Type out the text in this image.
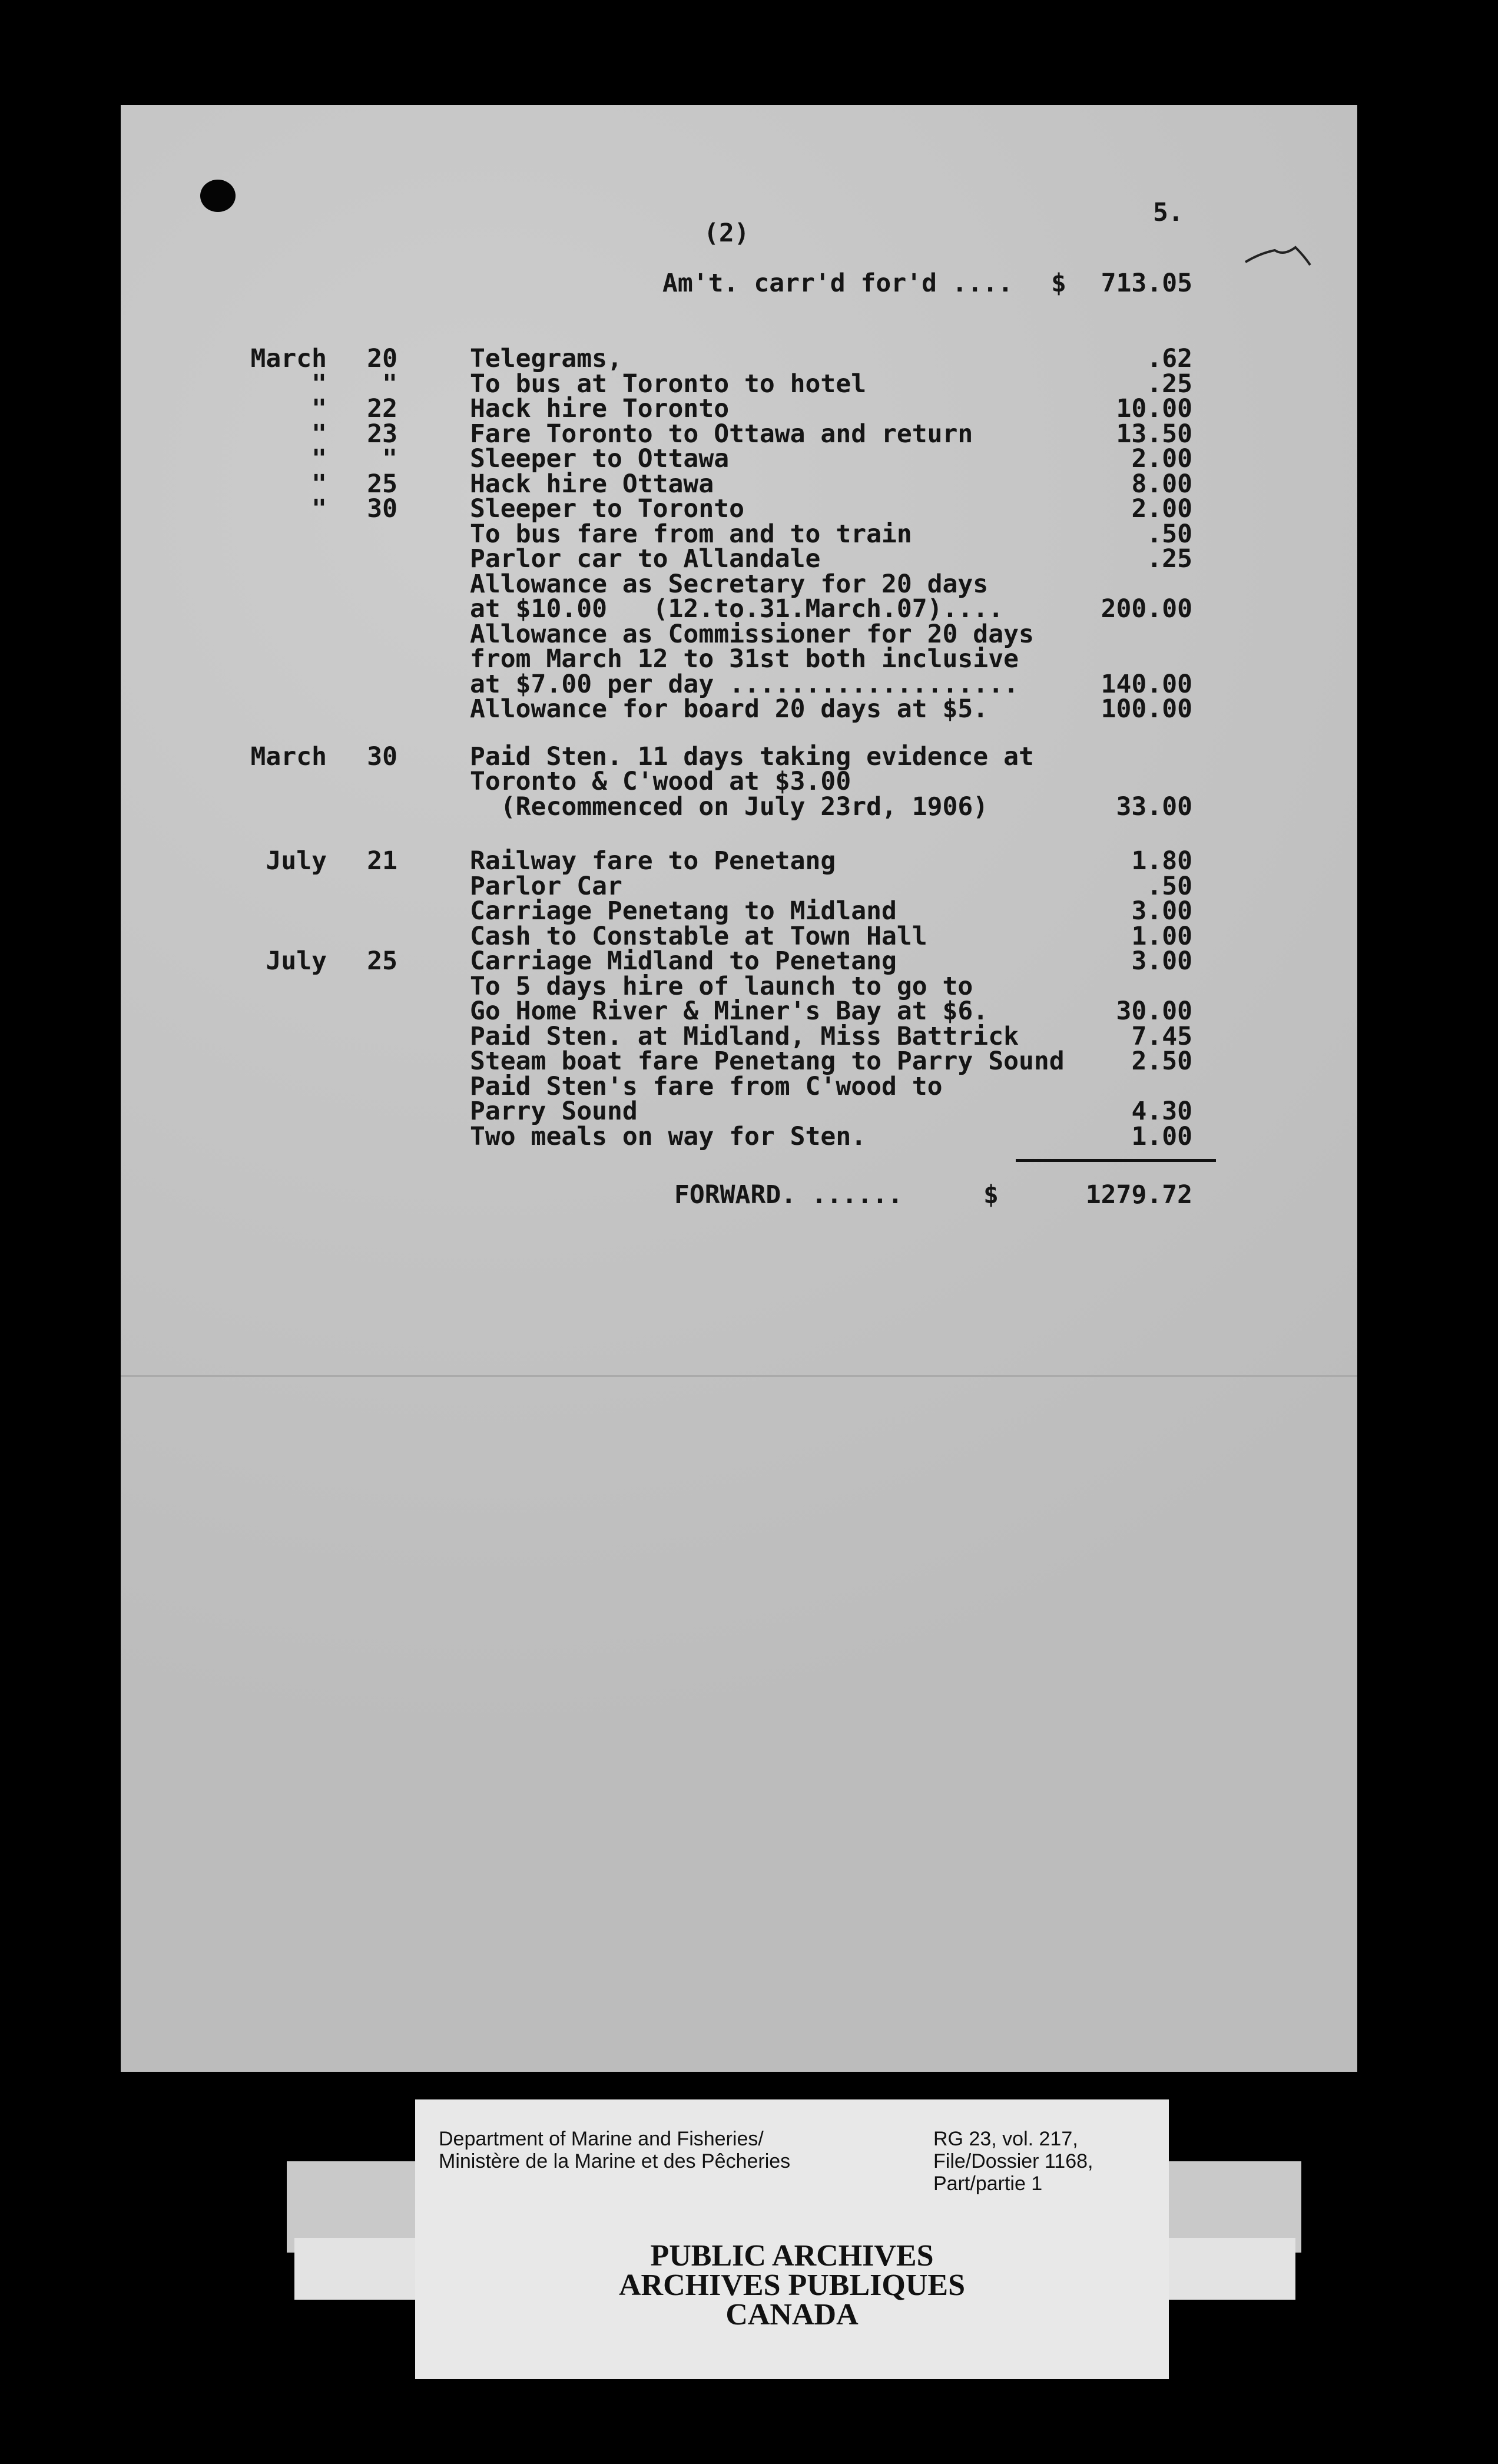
(2)
5.
Am't. carr'd for'd .... $	713.05
March	20	Telegrams,	.62
"	"	To bus at Toronto to hotel	.25
"	22	Hack hire Toronto	10.00
"	23	Fare Toronto to Ottawa and return	13.50
"	"	Sleeper to Ottawa	2.00
"	25	Hack hire Ottawa	8.00
"	30	Sleeper to Toronto	2.00
To bus fare from and to train	.50
Parlor car to Allandale	.25
Allowance as Secretary for 20 days
at $10.00   (12.to.31.March.07)....	200.00
Allowance as Commissioner for 20 days
from March 12 to 31st both inclusive
at $7.00 per day ...................	140.00
Allowance for board 20 days at $5.	100.00
March	30	Paid Sten. 11 days taking evidence at
Toronto & C'wood at $3.00
(Recommenced on July 23rd, 1906)	33.00
July	21	Railway fare to Penetang	1.80
Parlor Car	.50
Carriage Penetang to Midland	3.00
Cash to Constable at Town Hall	1.00
July	25	Carriage Midland to Penetang	3.00
To 5 days hire of launch to go to
Go Home River & Miner's Bay at $6.	30.00
Paid Sten. at Midland, Miss Battrick	7.45
Steam boat fare Penetang to Parry Sound	2.50
Paid Sten's fare from C'wood to
Parry Sound	4.30
Two meals on way for Sten.	1.00
FORWARD. ......	$	1279.72
Department of Marine and Fisheries/
Ministère de la Marine et des Pêcheries
RG 23, vol. 217,
File/Dossier 1168,
Part/partie 1
PUBLIC ARCHIVES
ARCHIVES PUBLIQUES
CANADA
